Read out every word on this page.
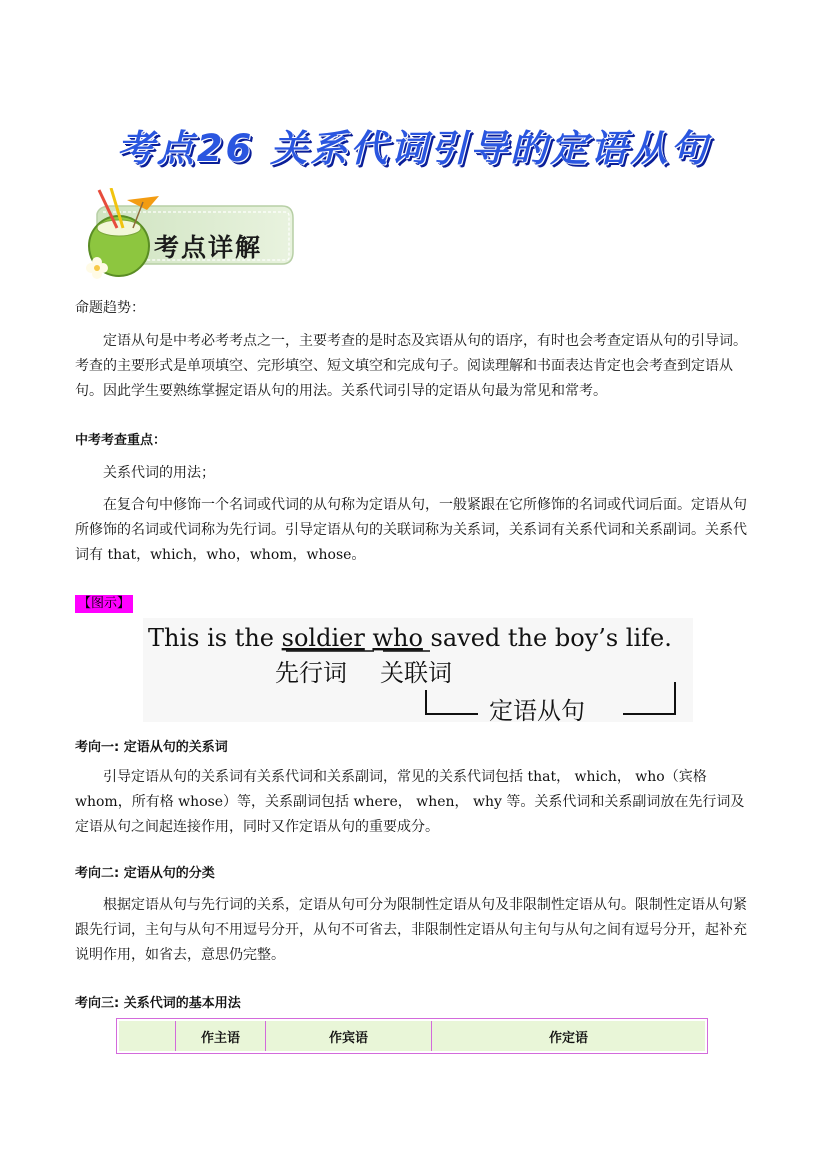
考点26 关系代词引导的定语从句
考点详解

命题趋势：

定语从句是中考必考考点之一，主要考查的是时态及宾语从句的语序，有时也会考查定语从句的引导词。考查的主要形式是单项填空、完形填空、短文填空和完成句子。阅读理解和书面表达肯定也会考查到定语从句。因此学生要熟练掌握定语从句的用法。关系代词引导的定语从句最为常见和常考。

中考考查重点：

关系代词的用法；

在复合句中修饰一个名词或代词的从句称为定语从句，一般紧跟在它所修饰的名词或代词后面。定语从句所修饰的名词或代词称为先行词。引导定语从句的关联词称为关系词，关系词有关系代词和关系副词。关系代词有 that，which，who，whom，whose。

【图示】
This is the soldier who saved the boy’s life.
先行词 关联词
定语从句

考向一: 定语从句的关系词

引导定语从句的关系词有关系代词和关系副词，常见的关系代词包括 that， which， who（宾格 whom，所有格 whose）等，关系副词包括 where， when， why 等。关系代词和关系副词放在先行词及定语从句之间起连接作用，同时又作定语从句的重要成分。

考向二: 定语从句的分类

根据定语从句与先行词的关系，定语从句可分为限制性定语从句及非限制性定语从句。限制性定语从句紧跟先行词，主句与从句不用逗号分开，从句不可省去，非限制性定语从句主句与从句之间有逗号分开，起补充说明作用，如省去，意思仍完整。

考向三: 关系代词的基本用法

作主语	作宾语	作定语
